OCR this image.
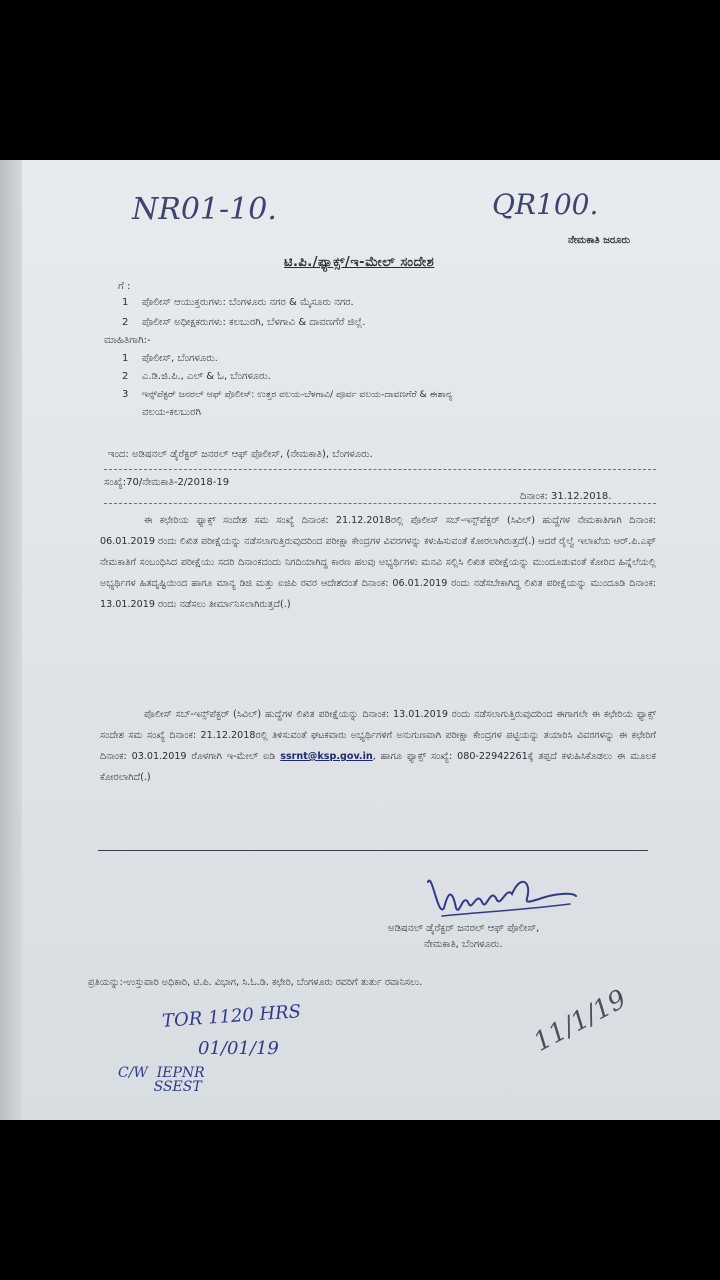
NR01-10.	QR100.
ನೇಮಕಾತಿ ಜರೂರು
ಟಿ.ಪಿ./ಫ್ಯಾಕ್ಸ್/ಇ-ಮೇಲ್ ಸಂದೇಶ
ಗೆ :
1 ಪೊಲೀಸ್ ಆಯುಕ್ತರುಗಳು: ಬೆಂಗಳೂರು ನಗರ & ಮೈಸೂರು ನಗರ.
2 ಪೊಲೀಸ್ ಅಧೀಕ್ಷಕರುಗಳು: ಕಲಬುರಗಿ, ಬೆಳಗಾವಿ & ದಾವಣಗೆರೆ ಜಿಲ್ಲೆ.
ಮಾಹಿತಿಗಾಗಿ:-
1 ಪೊಲೀಸ್, ಬೆಂಗಳೂರು.
2 ಎ.ಡಿ.ಜಿ.ಪಿ., ಎಲ್ & ಓ, ಬೆಂಗಳೂರು.
3 ಇನ್ಸ್‌ಪೆಕ್ಟರ್ ಜನರಲ್ ಆಫ್ ಪೊಲೀಸ್: ಉತ್ತರ ವಲಯ-ಬೆಳಗಾವಿ/ ಪೂರ್ವ ವಲಯ-ದಾವಣಗೆರೆ & ಈಶಾನ್ಯ
ವಲಯ-ಕಲಬುರಗಿ
ಇಂದ: ಅಡಿಷನಲ್ ಡೈರೆಕ್ಟರ್ ಜನರಲ್ ಆಫ್ ಪೊಲೀಸ್, (ನೇಮಕಾತಿ), ಬೆಂಗಳೂರು.
ಸಂಖ್ಯೆ:70/ನೇಮಕಾತಿ-2/2018-19
ದಿನಾಂಕ: 31.12.2018.
ಈ ಕಛೇರಿಯ ಫ್ಯಾಕ್ಸ್ ಸಂದೇಶ ಸಮ ಸಂಖ್ಯೆ ದಿನಾಂಕ: 21.12.2018ರಲ್ಲಿ ಪೊಲೀಸ್ ಸಬ್-ಇನ್ಸ್‌ಪೆಕ್ಟರ್ (ಸಿವಿಲ್) ಹುದ್ದೆಗಳ ನೇಮಕಾತಿಗಾಗಿ ದಿನಾಂಕ: 06.01.2019 ರಂದು ಲಿಖಿತ ಪರೀಕ್ಷೆಯನ್ನು ನಡೆಸಲಾಗುತ್ತಿರುವುದರಿಂದ ಪರೀಕ್ಷಾ ಕೇಂದ್ರಗಳ ವಿವರಗಳನ್ನು ಕಳುಹಿಸುವಂತೆ ಕೋರಲಾಗಿರುತ್ತದೆ(.) ಆದರೆ ರೈಲ್ವೆ ಇಲಾಖೆಯ ಆರ್.ಪಿ.ಎಫ್ ನೇಮಕಾತಿಗೆ ಸಂಬಂಧಿಸಿದ ಪರೀಕ್ಷೆಯು ಸದರಿ ದಿನಾಂಕದಂದು ನಿಗದಿಯಾಗಿದ್ದ ಕಾರಣ ಹಲವು ಅಭ್ಯರ್ಥಿಗಳು ಮನವಿ ಸಲ್ಲಿಸಿ ಲಿಖಿತ ಪರೀಕ್ಷೆಯನ್ನು ಮುಂದೂಡುವಂತೆ ಕೋರಿದ ಹಿನ್ನೆಲೆಯಲ್ಲಿ ಅಭ್ಯರ್ಥಿಗಳ ಹಿತದೃಷ್ಟಿಯಿಂದ ಹಾಗೂ ಮಾನ್ಯ ಡಿಜಿ ಮತ್ತು ಐಜಿಪಿ ರವರ ಆದೇಶದಂತೆ ದಿನಾಂಕ: 06.01.2019 ರಂದು ನಡೆಸಬೇಕಾಗಿದ್ದ ಲಿಖಿತ ಪರೀಕ್ಷೆಯನ್ನು ಮುಂದೂಡಿ ದಿನಾಂಕ: 13.01.2019 ರಂದು ನಡೆಸಲು ತೀರ್ಮಾನಿಸಲಾಗಿರುತ್ತದೆ(.)
ಪೊಲೀಸ್ ಸಬ್-ಇನ್ಸ್‌ಪೆಕ್ಟರ್ (ಸಿವಿಲ್) ಹುದ್ದೆಗಳ ಲಿಖಿತ ಪರೀಕ್ಷೆಯನ್ನು ದಿನಾಂಕ: 13.01.2019 ರಂದು ನಡೆಸಲಾಗುತ್ತಿರುವುದರಿಂದ ಈಗಾಗಲೇ ಈ ಕಛೇರಿಯ ಫ್ಯಾಕ್ಸ್ ಸಂದೇಶ ಸಮ ಸಂಖ್ಯೆ ದಿನಾಂಕ: 21.12.2018ರಲ್ಲಿ ತಿಳಿಸುವಂತೆ ಘಟಕವಾರು ಅಭ್ಯರ್ಥಿಗಳಿಗೆ ಅನುಗುಣವಾಗಿ ಪರೀಕ್ಷಾ ಕೇಂದ್ರಗಳ ಪಟ್ಟಿಯನ್ನು ತಯಾರಿಸಿ ವಿವರಗಳನ್ನು ಈ ಕಛೇರಿಗೆ ದಿನಾಂಕ: 03.01.2019 ರೊಳಗಾಗಿ ಇ-ಮೇಲ್ ಐಡಿ ssrnt@ksp.gov.in, ಹಾಗೂ ಫ್ಯಾಕ್ಸ್ ಸಂಖ್ಯೆ: 080-22942261ಕ್ಕೆ ತಪ್ಪದೆ ಕಳುಹಿಸಿಕೊಡಲು ಈ ಮೂಲಕ ಕೋರಲಾಗಿದೆ(.)
ಅಡಿಷನಲ್ ಡೈರೆಕ್ಟರ್ ಜನರಲ್ ಆಫ್ ಪೊಲೀಸ್,
ನೇಮಕಾತಿ, ಬೆಂಗಳೂರು.
ಪ್ರತಿಯನ್ನು:-ಉಸ್ತುವಾರಿ ಅಧಿಕಾರಿ, ಟಿ.ಪಿ. ವಿಭಾಗ, ಸಿ.ಓ.ಡಿ. ಕಛೇರಿ, ಬೆಂಗಳೂರು ರವರಿಗೆ ತುರ್ತು ರವಾನಿಸಲು.
TOR 1120 HRS
01/01/19
C/W  IEPNR
SSEST
11/1/19
